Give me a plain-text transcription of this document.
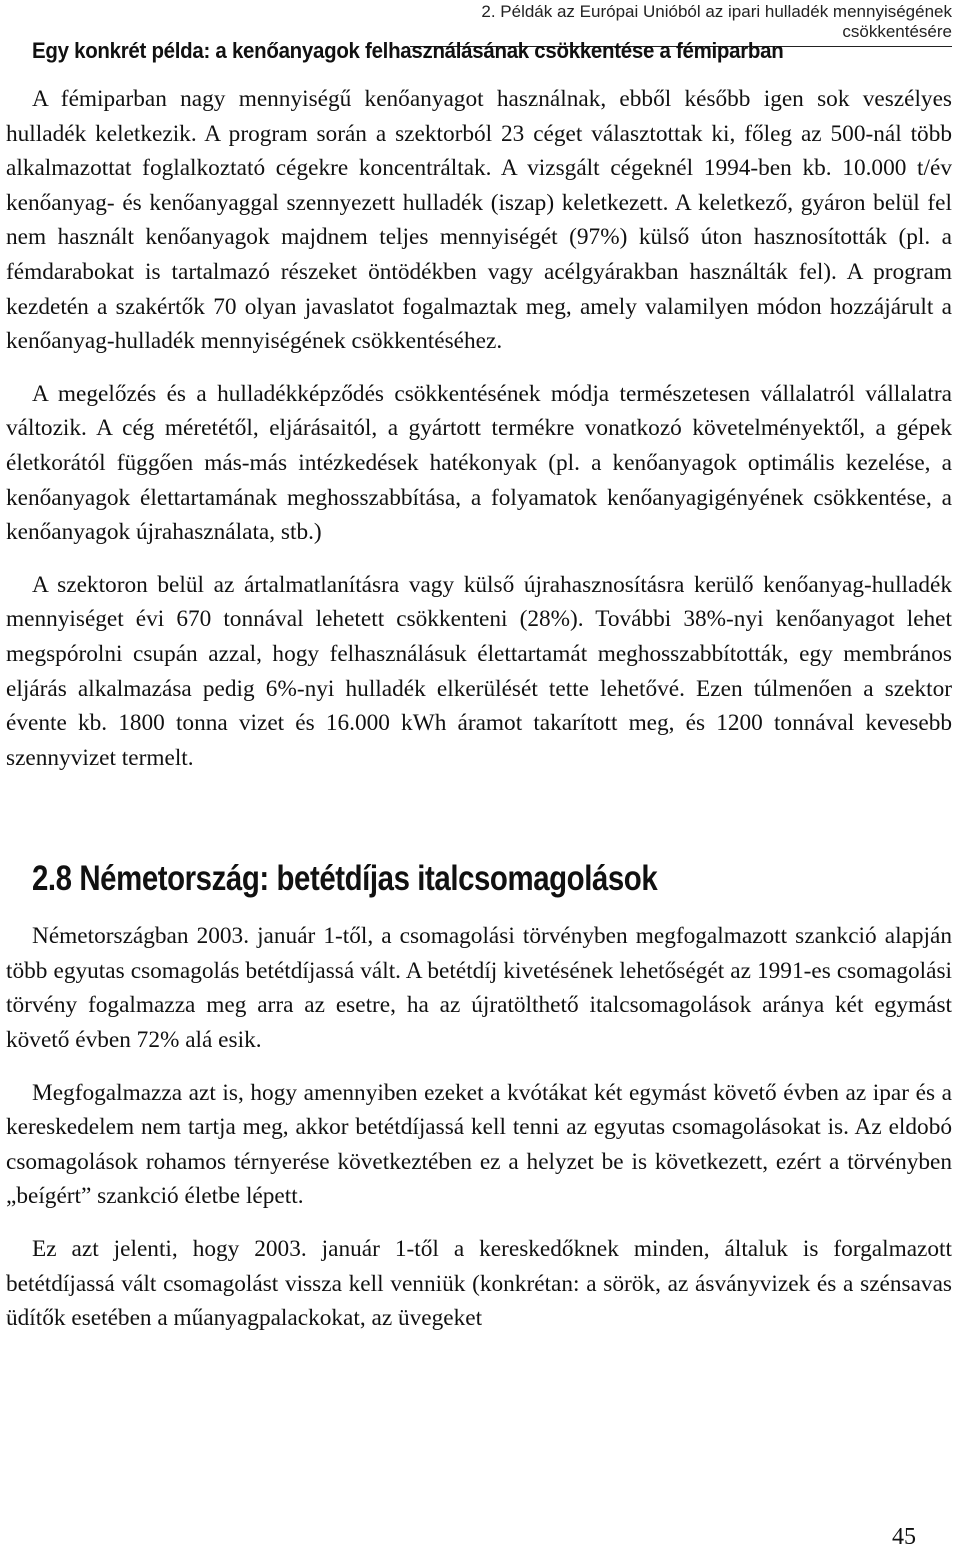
2. Példák az Európai Unióból az ipari hulladék mennyiségének csökkentésére
Egy konkrét példa: a kenőanyagok felhasználásának csökkentése a fémiparban

A fémiparban nagy mennyiségű kenőanyagot használnak, ebből később igen sok veszélyes hulladék keletkezik. A program során a szektorból 23 céget választottak ki, főleg az 500-nál több alkalmazottat foglalkoztató cégekre koncentráltak. A vizsgált cégeknél 1994-ben kb. 10.000 t/év kenőanyag- és kenőanyaggal szennyezett hulladék (iszap) keletkezett. A keletkező, gyáron belül fel nem használt kenőanyagok majdnem teljes mennyiségét (97%) külső úton hasznosították (pl. a fémdarabokat is tartalmazó részeket öntödékben vagy acélgyárakban használták fel). A program kezdetén a szakértők 70 olyan javaslatot fogalmaztak meg, amely valamilyen módon hozzájárult a kenőanyag-hulladék mennyiségének csökkentéséhez.

A megelőzés és a hulladékképződés csökkentésének módja természetesen vállalatról vállalatra változik. A cég méretétől, eljárásaitól, a gyártott termékre vonatkozó követelményektől, a gépek életkorától függően más-más intézkedések hatékonyak (pl. a kenőanyagok optimális kezelése, a kenőanyagok élettartamának meghosszabbítása, a folyamatok kenőanyagigényének csökkentése, a kenőanyagok újrahasználata, stb.)

A szektoron belül az ártalmatlanításra vagy külső újrahasznosításra kerülő kenőanyag-hulladék mennyiséget évi 670 tonnával lehetett csökkenteni (28%). További 38%-nyi kenőanyagot lehet megspórolni csupán azzal, hogy felhasználásuk élettartamát meghosszabbították, egy membrános eljárás alkalmazása pedig 6%-nyi hulladék elkerülését tette lehetővé. Ezen túlmenően a szektor évente kb. 1800 tonna vizet és 16.000 kWh áramot takarított meg, és 1200 tonnával kevesebb szennyvizet termelt.

2.8 Németország: betétdíjas italcsomagolások

Németországban 2003. január 1-től, a csomagolási törvényben megfogalmazott szankció alapján több egyutas csomagolás betétdíjassá vált. A betétdíj kivetésének lehetőségét az 1991-es csomagolási törvény fogalmazza meg arra az esetre, ha az újratölthető italcsomagolások aránya két egymást követő évben 72% alá esik.

Megfogalmazza azt is, hogy amennyiben ezeket a kvótákat két egymást követő évben az ipar és a kereskedelem nem tartja meg, akkor betétdíjassá kell tenni az egyutas csomagolásokat is. Az eldobó csomagolások rohamos térnyerése következtében ez a helyzet be is következett, ezért a törvényben „beígért” szankció életbe lépett.

Ez azt jelenti, hogy 2003. január 1-től a kereskedőknek minden, általuk is forgalmazott betétdíjassá vált csomagolást vissza kell venniük (konkrétan: a sörök, az ásványvizek és a szénsavas üdítők esetében a műanyagpalackokat, az üvegeket

45
